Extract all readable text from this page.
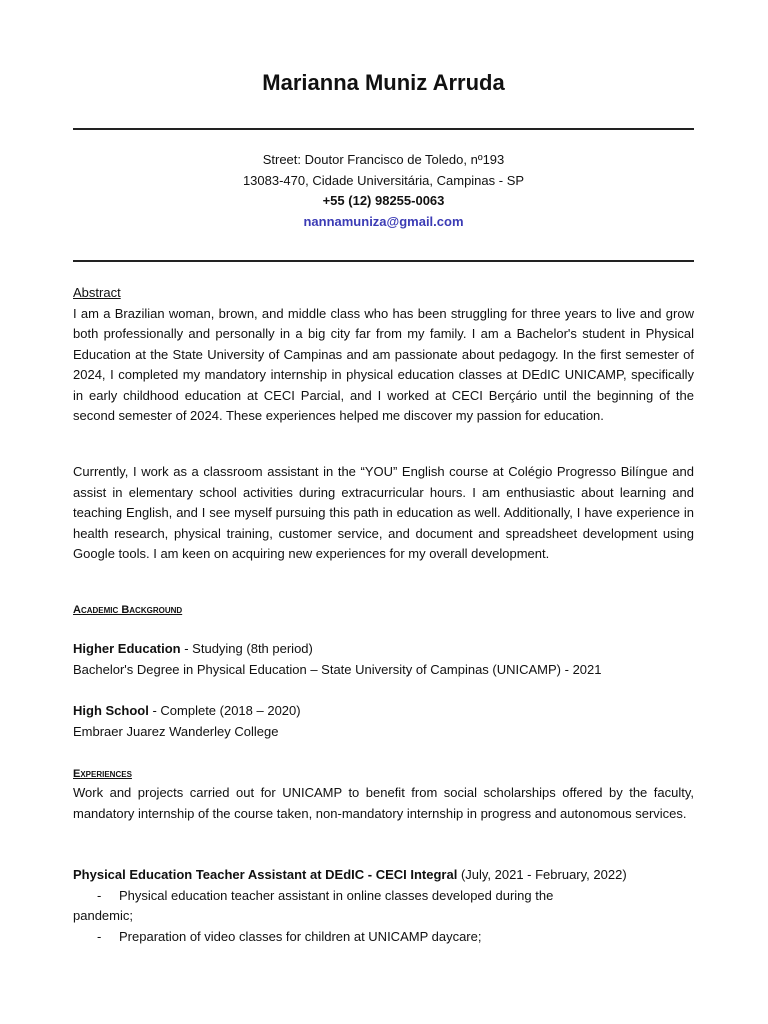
Marianna Muniz Arruda
Street: Doutor Francisco de Toledo, nº193
13083-470, Cidade Universitária, Campinas - SP
+55 (12) 98255-0063
nannamuniza@gmail.com
Abstract
I am a Brazilian woman, brown, and middle class who has been struggling for three years to live and grow both professionally and personally in a big city far from my family. I am a Bachelor's student in Physical Education at the State University of Campinas and am passionate about pedagogy. In the first semester of 2024, I completed my mandatory internship in physical education classes at DEdIC UNICAMP, specifically in early childhood education at CECI Parcial, and I worked at CECI Berçário until the beginning of the second semester of 2024. These experiences helped me discover my passion for education.
Currently, I work as a classroom assistant in the “YOU” English course at Colégio Progresso Bilíngue and assist in elementary school activities during extracurricular hours. I am enthusiastic about learning and teaching English, and I see myself pursuing this path in education as well. Additionally, I have experience in health research, physical training, customer service, and document and spreadsheet development using Google tools. I am keen on acquiring new experiences for my overall development.
Academic Background
Higher Education - Studying (8th period)
Bachelor's Degree in Physical Education – State University of Campinas (UNICAMP) - 2021
High School - Complete (2018 – 2020)
Embraer Juarez Wanderley College
Experiences
Work and projects carried out for UNICAMP to benefit from social scholarships offered by the faculty, mandatory internship of the course taken, non-mandatory internship in progress and autonomous services.
Physical Education Teacher Assistant at DEdIC - CECI Integral (July, 2021 - February, 2022)
- Physical education teacher assistant in online classes developed during the
pandemic;
- Preparation of video classes for children at UNICAMP daycare;
